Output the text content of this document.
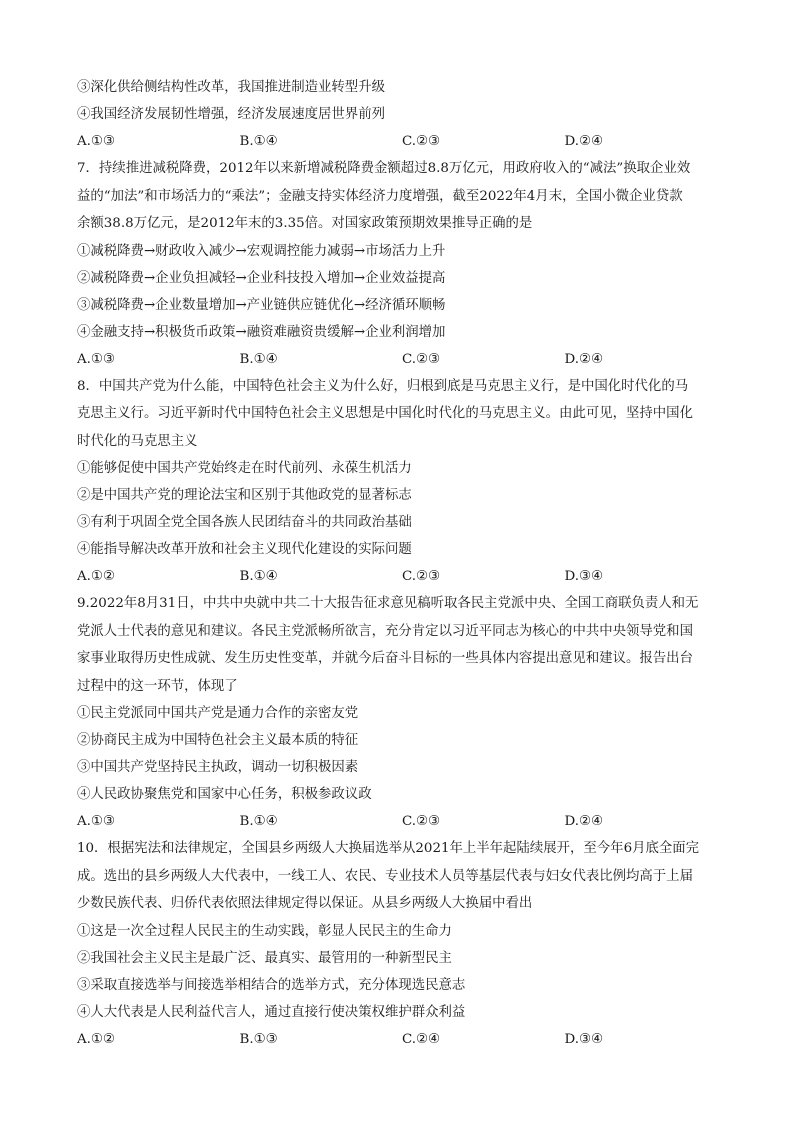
③深化供给侧结构性改革，我国推进制造业转型升级
④我国经济发展韧性增强，经济发展速度居世界前列
A.①③	B.①④	C.②③	D.②④
7．持续推进减税降费，2012年以来新增减税降费金额超过8.8万亿元，用政府收入的“减法”换取企业效
益的“加法”和市场活力的“乘法”；金融支持实体经济力度增强，截至2022年4月末，全国小微企业贷款
余额38.8万亿元，是2012年末的3.35倍。对国家政策预期效果推导正确的是
①减税降费→财政收入减少→宏观调控能力减弱→市场活力上升
②减税降费→企业负担减轻→企业科技投入增加→企业效益提高
③减税降费→企业数量增加→产业链供应链优化→经济循环顺畅
④金融支持→积极货币政策→融资难融资贵缓解→企业利润增加
A.①③	B.①④	C.②③	D.②④
8．中国共产党为什么能，中国特色社会主义为什么好，归根到底是马克思主义行，是中国化时代化的马
克思主义行。习近平新时代中国特色社会主义思想是中国化时代化的马克思主义。由此可见，坚持中国化
时代化的马克思主义
①能够促使中国共产党始终走在时代前列、永葆生机活力
②是中国共产党的理论法宝和区别于其他政党的显著标志
③有利于巩固全党全国各族人民团结奋斗的共同政治基础
④能指导解决改革开放和社会主义现代化建设的实际问题
A.①②	B.①④	C.②③	D.③④
9.2022年8月31日，中共中央就中共二十大报告征求意见稿听取各民主党派中央、全国工商联负责人和无
党派人士代表的意见和建议。各民主党派畅所欲言，充分肯定以习近平同志为核心的中共中央领导党和国
家事业取得历史性成就、发生历史性变革，并就今后奋斗目标的一些具体内容提出意见和建议。报告出台
过程中的这一环节，体现了
①民主党派同中国共产党是通力合作的亲密友党
②协商民主成为中国特色社会主义最本质的特征
③中国共产党坚持民主执政，调动一切积极因素
④人民政协聚焦党和国家中心任务，积极参政议政
A.①③	B.①④	C.②③	D.②④
10．根据宪法和法律规定，全国县乡两级人大换届选举从2021年上半年起陆续展开，至今年6月底全面完
成。选出的县乡两级人大代表中，一线工人、农民、专业技术人员等基层代表与妇女代表比例均高于上届
少数民族代表、归侨代表依照法律规定得以保证。从县乡两级人大换届中看出
①这是一次全过程人民民主的生动实践，彰显人民民主的生命力
②我国社会主义民主是最广泛、最真实、最管用的一种新型民主
③采取直接选举与间接选举相结合的选举方式，充分体现选民意志
④人大代表是人民利益代言人，通过直接行使决策权维护群众利益
A.①②	B.①③	C.②④	D.③④
